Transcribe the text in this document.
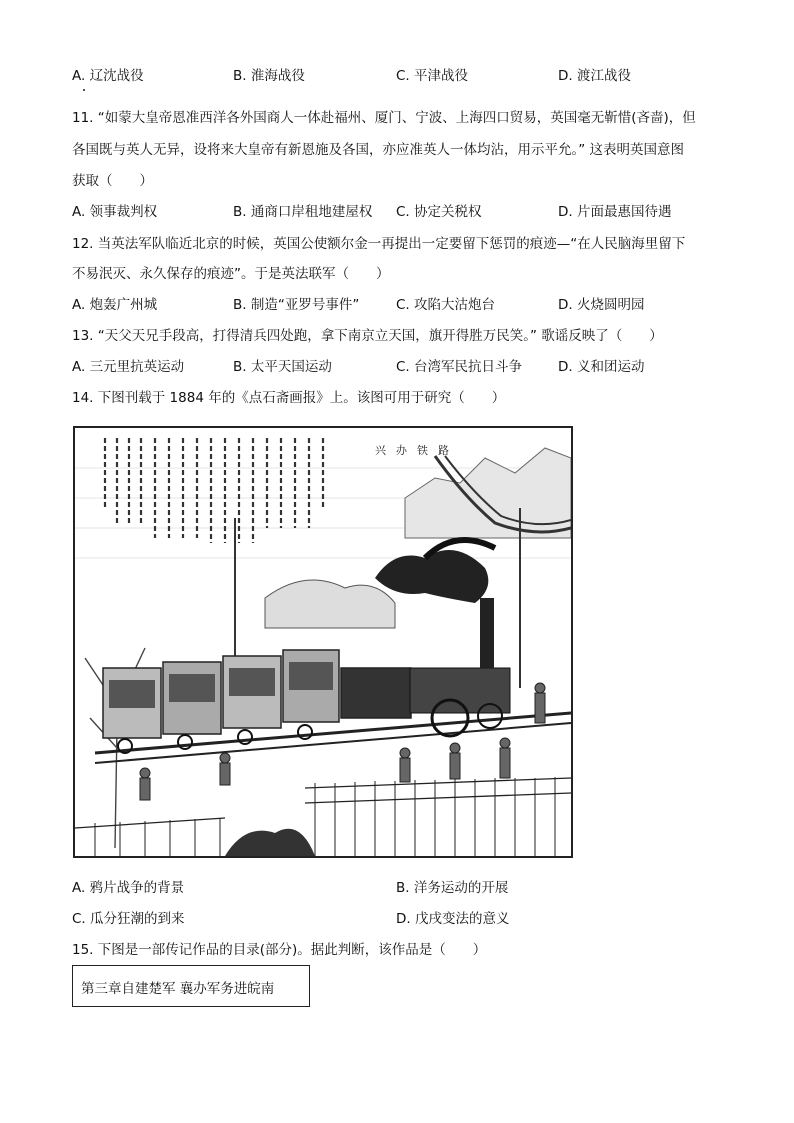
A. 辽沈战役	B. 淮海战役	C. 平津战役	D. 渡江战役
11. “如蒙大皇帝恩准西洋各外国商人一体赴福州、厦门、宁波、上海四口贸易，英国毫无靳惜(吝啬)，但
各国既与英人无异，设将来大皇帝有新恩施及各国，亦应准英人一体均沾，用示平允。” 这表明英国意图
获取（　　）
A. 领事裁判权	B. 通商口岸租地建屋权 C. 协定关税权	D. 片面最惠国待遇
12. 当英法军队临近北京的时候，英国公使额尔金一再提出一定要留下惩罚的痕迹—“在人民脑海里留下
不易泯灭、永久保存的痕迹”。于是英法联军（　　）
A. 炮轰广州城	B. 制造“亚罗号事件”	C. 攻陷大沽炮台	D. 火烧圆明园
13. “天父天兄手段高，打得清兵四处跑，拿下南京立天国，旗开得胜万民笑。” 歌谣反映了（　　）
A. 三元里抗英运动	B. 太平天国运动	C. 台湾军民抗日斗争	D. 义和团运动
14. 下图刊载于 1884 年的《点石斋画报》上。该图可用于研究（　　）
兴办铁路
A. 鸦片战争的背景	B. 洋务运动的开展
C. 瓜分狂潮的到来	D. 戊戌变法的意义
15. 下图是一部传记作品的目录(部分)。据此判断，该作品是（　　）
第三章自建楚军 襄办军务进皖南
